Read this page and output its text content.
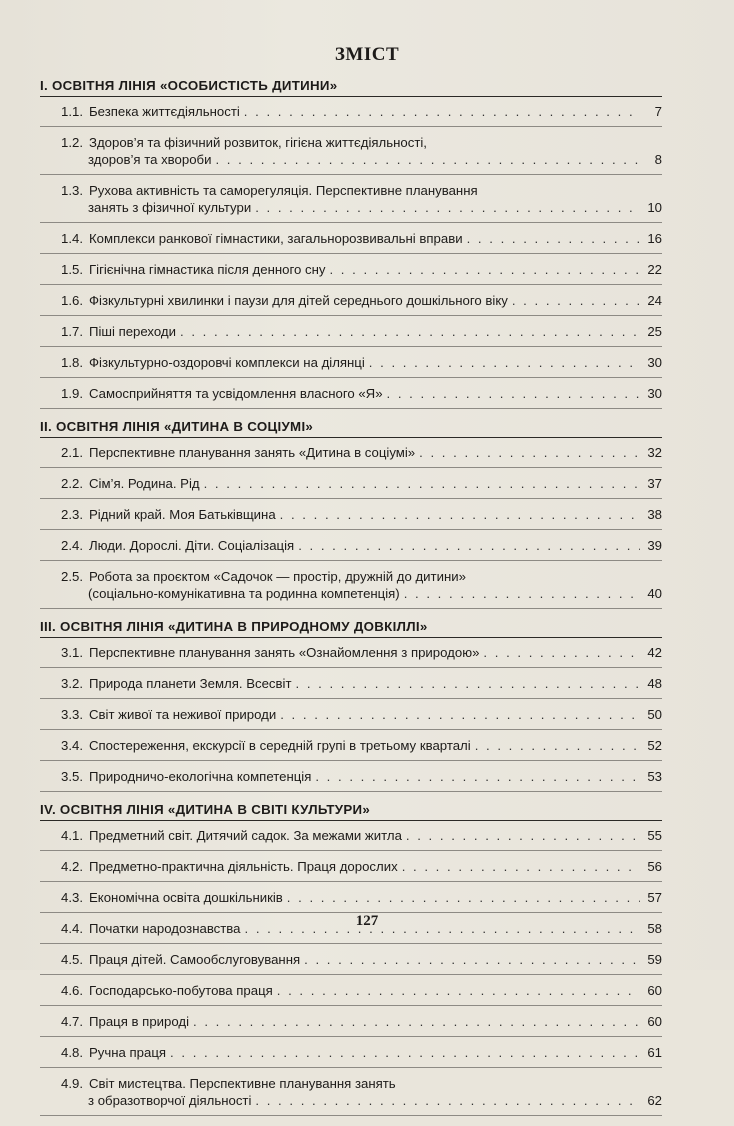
ЗМІСТ
I. ОСВІТНЯ ЛІНІЯ «ОСОБИСТІСТЬ ДИТИНИ»
1.1. Безпека життєдіяльності . . .	7
1.2. Здоров’я та фізичний розвиток, гігієна життєдіяльності,
здоров’я та хвороби . . .	8
1.3. Рухова активність та саморегуляція. Перспективне планування
занять з фізичної культури . . .	10
1.4. Комплекси ранкової гімнастики, загальнорозвивальні вправи . . .	16
1.5. Гігієнічна гімнастика після денного сну . . .	22
1.6. Фізкультурні хвилинки і паузи для дітей середнього дошкільного віку . . .	24
1.7. Піші переходи . . .	25
1.8. Фізкультурно-оздоровчі комплекси на ділянці . . .	30
1.9. Самосприйняття та усвідомлення власного «Я» . . .	30
II. ОСВІТНЯ ЛІНІЯ «ДИТИНА В СОЦІУМІ»
2.1. Перспективне планування занять «Дитина в соціумі» . . .	32
2.2. Сім’я. Родина. Рід . . .	37
2.3. Рідний край. Моя Батьківщина . . .	38
2.4. Люди. Дорослі. Діти. Соціалізація . . .	39
2.5. Робота за проєктом «Садочок — простір, дружній до дитини»
(соціально-комунікативна та родинна компетенція) . . .	40
III. ОСВІТНЯ ЛІНІЯ «ДИТИНА В ПРИРОДНОМУ ДОВКІЛЛІ»
3.1. Перспективне планування занять «Ознайомлення з природою» . . .	42
3.2. Природа планети Земля. Всесвіт . . .	48
3.3. Світ живої та неживої природи . . .	50
3.4. Спостереження, екскурсії в середній групі в третьому кварталі . . .	52
3.5. Природничо-екологічна компетенція . . .	53
IV. ОСВІТНЯ ЛІНІЯ «ДИТИНА В СВІТІ КУЛЬТУРИ»
4.1. Предметний світ. Дитячий садок. За межами житла . . .	55
4.2. Предметно-практична діяльність. Праця дорослих . . .	56
4.3. Економічна освіта дошкільників . . .	57
4.4. Початки народознавства . . .	58
4.5. Праця дітей. Самообслуговування . . .	59
4.6. Господарсько-побутова праця . . .	60
4.7. Праця в природі . . .	60
4.8. Ручна праця . . .	61
4.9. Світ мистецтва. Перспективне планування занять
з образотворчої діяльності . . .	62
127
